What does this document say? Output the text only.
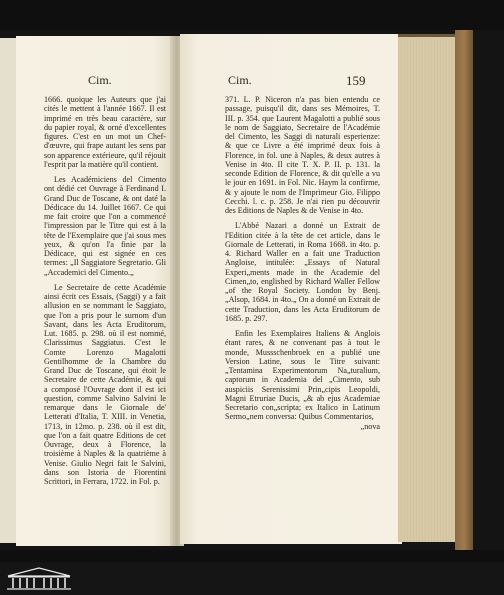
Cim.

1666. quoique les Auteurs que j'ai cités le mettent à l'année 1667. Il est imprimé en très beau caractère, sur du papier royal, & orné d'excellentes figures. C'est en un mot un Chef-d'œuvre, qui frape autant les sens par son apparence extérieure, qu'il réjouit l'esprit par la matière qu'il contient.

Les Académiciens del Cimento ont dédié cet Ouvrage à Ferdinand I. Grand Duc de Toscane, & ont daté la Dédicace du 14. Juillet 1667. Ce qui me fait croire que l'on a commencé l'impression par le Titre qui est à la tête de l'Exemplaire que j'ai sous mes yeux, & qu'on l'a finie par la Dédicace, qui est signée en ces termes: „Il Saggiatore Segretario. Gli „Accademici del Cimento.„

Le Secretaire de cette Académie ainsi écrit ces Essais, (Saggi) y a fait allusion en se nommant le Saggiato, que l'on a pris pour le surnom d'un Savant, dans les Acta Eruditorum, Lut. 1685. p. 298. où il est nommé, Clarissimus Saggiatus. C'est le Comte Lorenzo Magalotti Gentilhomme de la Chambre du Grand Duc de Toscane, qui étoit le Secretaire de cette Académie, & qui a composé l'Ouvrage dont il est ici question, comme Salvino Salvini le remarque dans le Giornale de' Letterati d'Italia, T. XIII. in Venetia, 1713, in 12mo. p. 238. où il est dit, que l'on a fait quatre Editions de cet Ouvrage, deux à Florence, la troisième à Naples & la quatrième à Venise. Giulio Negri fait le Salvini, dans son Istoria de Fiorentini Scrittori, in Ferrara, 1722. in Fol. p.

Cim.	159

371. L. P. Niceron n'a pas bien entendu ce passage, puisqu'il dit, dans ses Mémoires, T. III. p. 354. que Laurent Magalotti a publié sous le nom de Saggiato, Secretaire de l'Académie del Cimento, les Saggi di naturali esperienze: & que ce Livre a été imprimé deux fois à Florence, in fol. une à Naples, & deux autres à Venise in 4to. Il cite T. X. P. II. p. 131. la seconde Edition de Florence, & dit qu'elle a vu le jour en 1691. in Fol. Nic. Haym la confirme, & y ajoute le nom de l'Imprimeur Gio. Filippo Cecchi. l. c. p. 258. Je n'ai rien pu découvrir des Editions de Naples & de Venise in 4to.

L'Abbé Nazari a donné un Extrait de l'Edition citée à la tête de cet article, dans le Giornale de Letterati, in Roma 1668. in 4to. p. 4. Richard Waller en a fait une Traduction Angloise, intitulée: „Essays of Natural Experi„ments made in the Academie del Cimen„to, englished by Richard Waller Fellow „of the Royal Society. London by Benj. „Alsop, 1684. in 4to.„ On a donné un Extrait de cette Traduction, dans les Acta Eruditorum de 1685. p. 297.

Enfin les Exemplaires Italiens & Anglois étant rares, & ne convenant pas à tout le monde, Mussschenbroek en a publié une Version Latine, sous le Titre suivant: „Tentamina Experimentorum Na„turalium, captorum in Academia del „Cimento, sub auspiciis Serenissimi Prin„cipis Leopoldi, Magni Etruriae Ducis, „& ab ejus Academiae Secretario con„scripta; ex Italico in Latinum Sermo„nem conversa: Quibus Commentarios,

„nova
